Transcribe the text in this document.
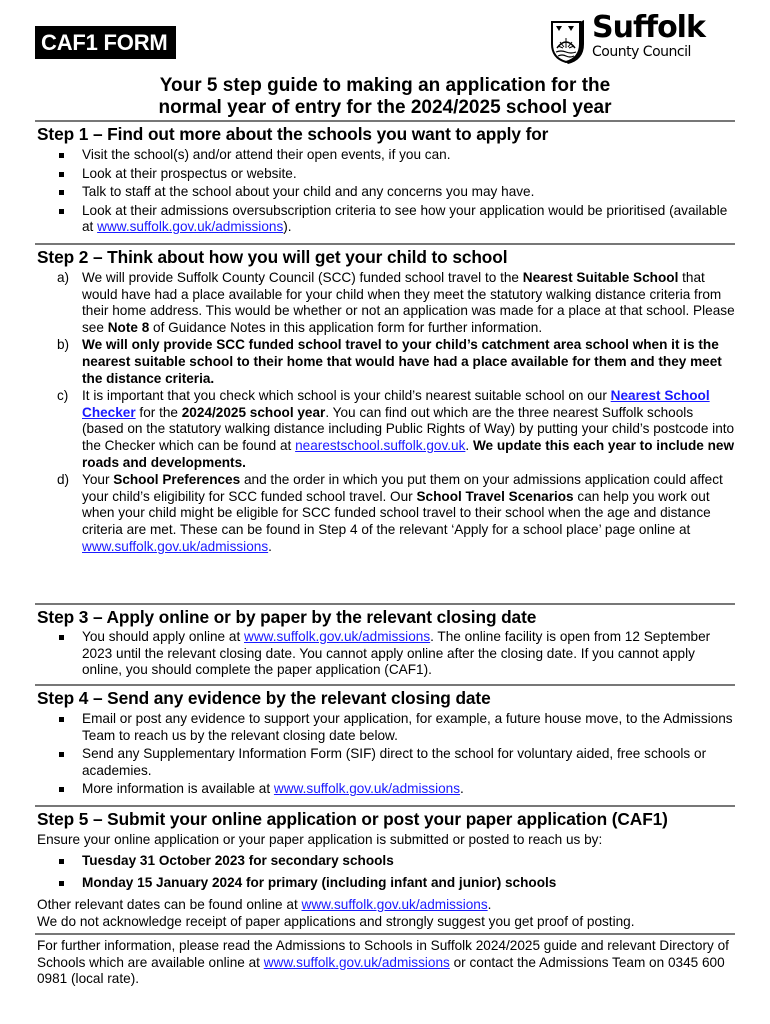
CAF1 FORM	Suffolk
County Council
Your 5 step guide to making an application for the
normal year of entry for the 2024/2025 school year
Step 1 – Find out more about the schools you want to apply for
Visit the school(s) and/or attend their open events, if you can.
Look at their prospectus or website.
Talk to staff at the school about your child and any concerns you may have.
Look at their admissions oversubscription criteria to see how your application would be prioritised (available at www.suffolk.gov.uk/admissions).
Step 2 – Think about how you will get your child to school
a) We will provide Suffolk County Council (SCC) funded school travel to the Nearest Suitable School that would have had a place available for your child when they meet the statutory walking distance criteria from their home address. This would be whether or not an application was made for a place at that school. Please see Note 8 of Guidance Notes in this application form for further information.
b) We will only provide SCC funded school travel to your child’s catchment area school when it is the nearest suitable school to their home that would have had a place available for them and they meet the distance criteria.
c) It is important that you check which school is your child’s nearest suitable school on our Nearest School Checker for the 2024/2025 school year. You can find out which are the three nearest Suffolk schools (based on the statutory walking distance including Public Rights of Way) by putting your child’s postcode into the Checker which can be found at nearestschool.suffolk.gov.uk. We update this each year to include new roads and developments.
d) Your School Preferences and the order in which you put them on your admissions application could affect your child’s eligibility for SCC funded school travel. Our School Travel Scenarios can help you work out when your child might be eligible for SCC funded school travel to their school when the age and distance criteria are met. These can be found in Step 4 of the relevant ‘Apply for a school place’ page online at www.suffolk.gov.uk/admissions.
Step 3 – Apply online or by paper by the relevant closing date
You should apply online at www.suffolk.gov.uk/admissions. The online facility is open from 12 September 2023 until the relevant closing date. You cannot apply online after the closing date. If you cannot apply online, you should complete the paper application (CAF1).
Step 4 – Send any evidence by the relevant closing date
Email or post any evidence to support your application, for example, a future house move, to the Admissions Team to reach us by the relevant closing date below.
Send any Supplementary Information Form (SIF) direct to the school for voluntary aided, free schools or academies.
More information is available at www.suffolk.gov.uk/admissions.
Step 5 – Submit your online application or post your paper application (CAF1)
Ensure your online application or your paper application is submitted or posted to reach us by:
Tuesday 31 October 2023 for secondary schools
Monday 15 January 2024 for primary (including infant and junior) schools
Other relevant dates can be found online at www.suffolk.gov.uk/admissions.
We do not acknowledge receipt of paper applications and strongly suggest you get proof of posting.
For further information, please read the Admissions to Schools in Suffolk 2024/2025 guide and relevant Directory of Schools which are available online at www.suffolk.gov.uk/admissions or contact the Admissions Team on 0345 600 0981 (local rate).
